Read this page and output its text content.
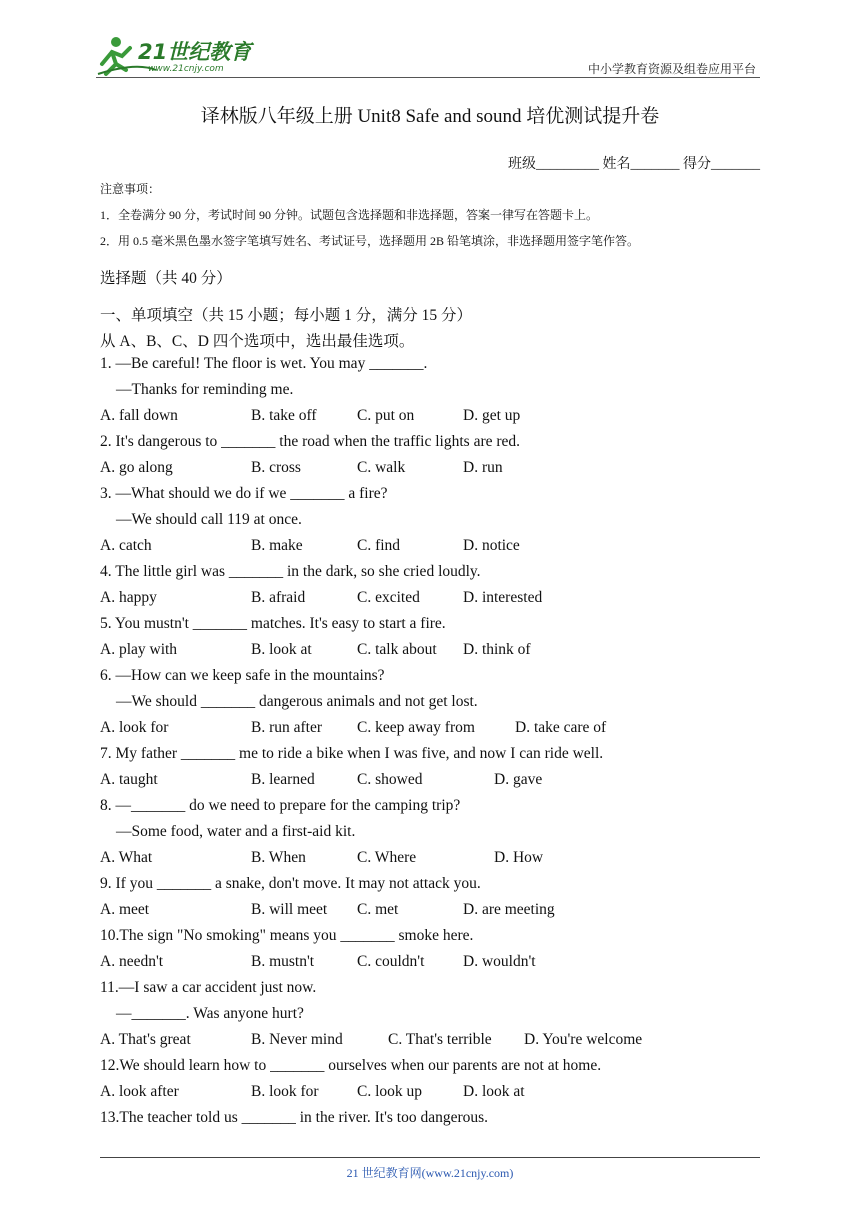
21世纪教育
www.21cnjy.com	中小学教育资源及组卷应用平台
译林版八年级上册 Unit8 Safe and sound 培优测试提升卷
班级_________ 姓名_______ 得分_______
注意事项：
1．全卷满分 90 分，考试时间 90 分钟。试题包含选择题和非选择题，答案一律写在答题卡上。
2．用 0.5 毫米黑色墨水签字笔填写姓名、考试证号，选择题用 2B 铅笔填涂，非选择题用签字笔作答。
选择题（共 40 分）
一、单项填空（共 15 小题；每小题 1 分，满分 15 分）
从 A、B、C、D 四个选项中，选出最佳选项。
1. —Be careful! The floor is wet. You may _______.
—Thanks for reminding me.
A. fall down	B. take off	C. put on	D. get up
2. It's dangerous to _______ the road when the traffic lights are red.
A. go along	B. cross	C. walk	D. run
3. —What should we do if we _______ a fire?
—We should call 119 at once.
A. catch	B. make	C. find	D. notice
4. The little girl was _______ in the dark, so she cried loudly.
A. happy	B. afraid	C. excited	D. interested
5. You mustn't _______ matches. It's easy to start a fire.
A. play with	B. look at	C. talk about D. think of
6. —How can we keep safe in the mountains?
—We should _______ dangerous animals and not get lost.
A. look for	B. run after C. keep away from	D. take care of
7. My father _______ me to ride a bike when I was five, and now I can ride well.
A. taught	B. learned	C. showed	D. gave
8. —_______ do we need to prepare for the camping trip?
—Some food, water and a first-aid kit.
A. What	B. When	C. Where	D. How
9. If you _______ a snake, don't move. It may not attack you.
A. meet	B. will meet C. met	D. are meeting
10.The sign "No smoking" means you _______ smoke here.
A. needn't	B. mustn't	C. couldn't D. wouldn't
11.—I saw a car accident just now.
—_______. Was anyone hurt?
A. That's great	B. Never mind	C. That's terrible D. You're welcome
12.We should learn how to _______ ourselves when our parents are not at home.
A. look after	B. look for C. look up	D. look at
13.The teacher told us _______ in the river. It's too dangerous.
21 世纪教育网(www.21cnjy.com)
